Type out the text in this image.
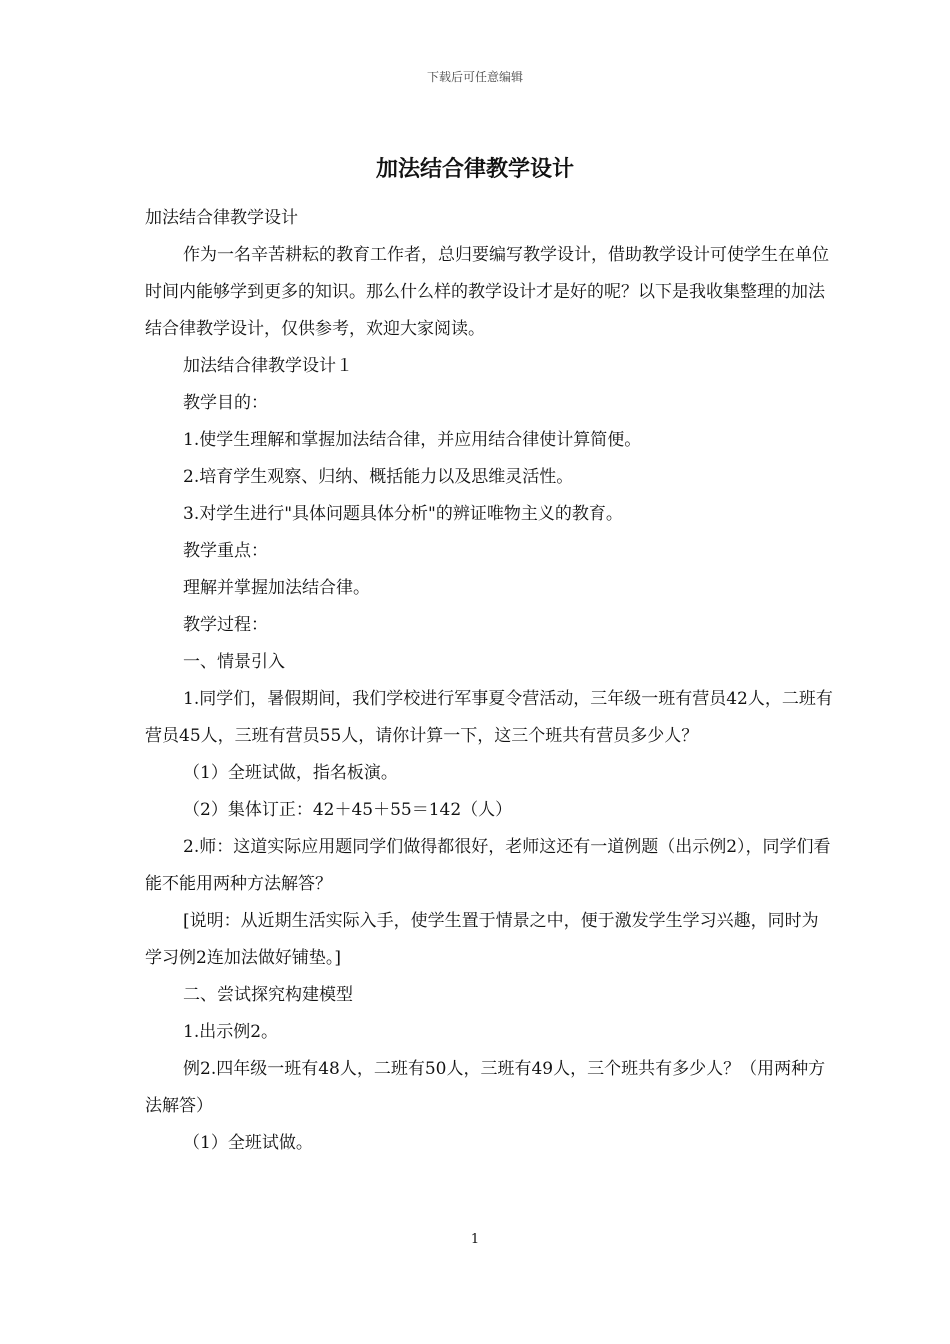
下载后可任意编辑
加法结合律教学设计

加法结合律教学设计

作为一名辛苦耕耘的教育工作者，总归要编写教学设计，借助教学设计可使学生在单位时间内能够学到更多的知识。那么什么样的教学设计才是好的呢？以下是我收集整理的加法结合律教学设计，仅供参考，欢迎大家阅读。

加法结合律教学设计１

教学目的：

1.使学生理解和掌握加法结合律，并应用结合律使计算简便。

2.培育学生观察、归纳、概括能力以及思维灵活性。

3.对学生进行"具体问题具体分析"的辨证唯物主义的教育。

教学重点：

理解并掌握加法结合律。

教学过程：

一、情景引入

1.同学们，暑假期间，我们学校进行军事夏令营活动，三年级一班有营员42人，二班有营员45人，三班有营员55人，请你计算一下，这三个班共有营员多少人？

（1）全班试做，指名板演。

（2）集体订正：42＋45＋55＝142（人）

2.师：这道实际应用题同学们做得都很好，老师这还有一道例题（出示例2），同学们看能不能用两种方法解答？

[说明：从近期生活实际入手，使学生置于情景之中，便于激发学生学习兴趣，同时为学习例2连加法做好铺垫。]

二、尝试探究构建模型

1.出示例2。

例2.四年级一班有48人，二班有50人，三班有49人，三个班共有多少人？（用两种方法解答）

（1）全班试做。

1
